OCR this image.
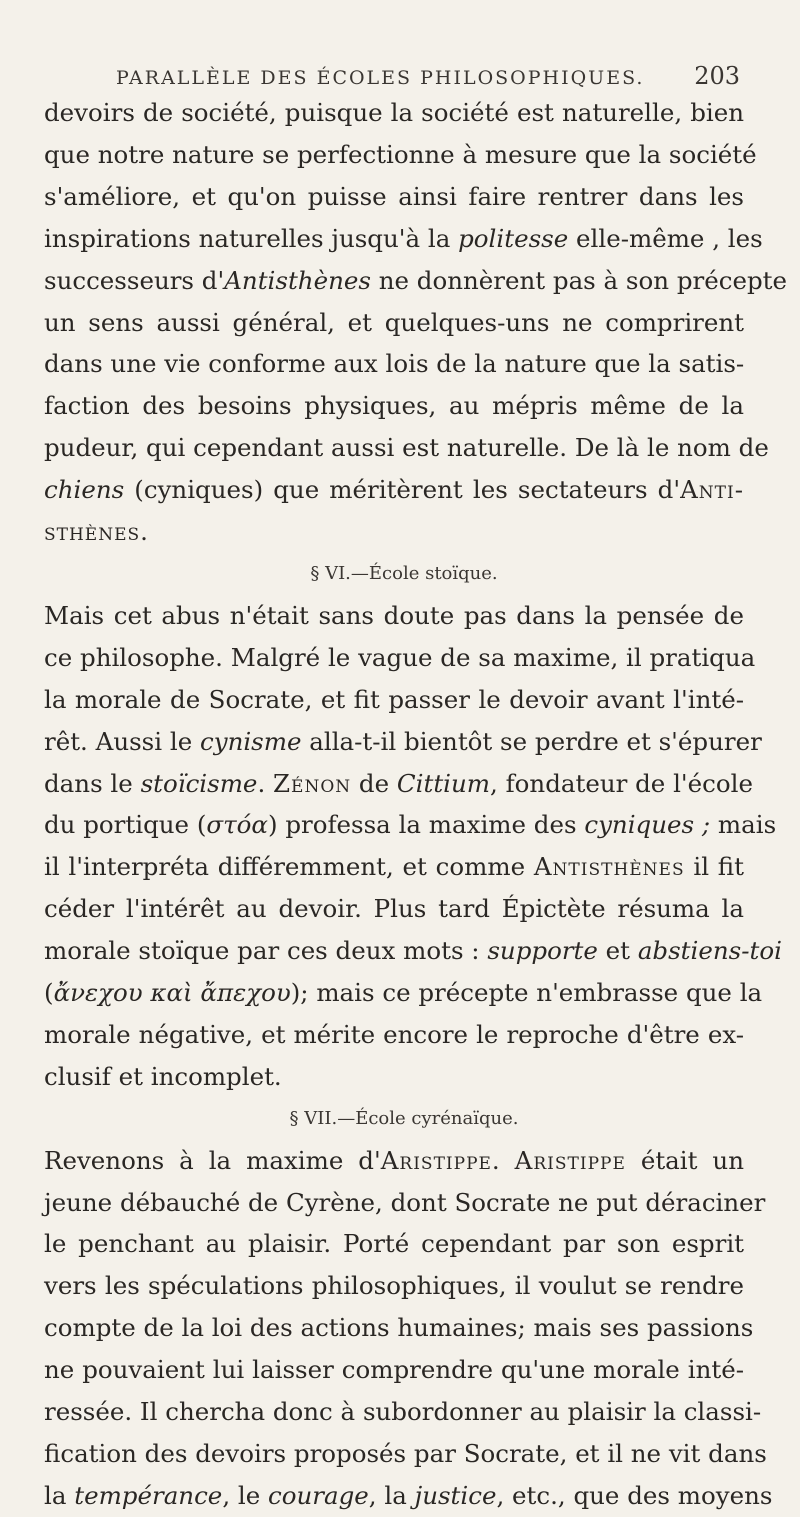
PARALLÈLE DES ÉCOLES PHILOSOPHIQUES. 203
devoirs de société, puisque la société est naturelle, bien
que notre nature se perfectionne à mesure que la société
s'améliore, et qu'on puisse ainsi faire rentrer dans les
inspirations naturelles jusqu'à la politesse elle-même , les
successeurs d'Antisthènes ne donnèrent pas à son précepte
un sens aussi général, et quelques-uns ne comprirent
dans une vie conforme aux lois de la nature que la satis-
faction des besoins physiques, au mépris même de la
pudeur, qui cependant aussi est naturelle. De là le nom de
chiens (cyniques) que méritèrent les sectateurs d'Anti-
sthènes.
§ VI.—École stoïque.
Mais cet abus n'était sans doute pas dans la pensée de
ce philosophe. Malgré le vague de sa maxime, il pratiqua
la morale de Socrate, et fit passer le devoir avant l'inté-
rêt. Aussi le cynisme alla-t-il bientôt se perdre et s'épurer
dans le stoïcisme. Zénon de Cittium, fondateur de l'école
du portique (στόα) professa la maxime des cyniques ; mais
il l'interpréta différemment, et comme Antisthènes il fit
céder l'intérêt au devoir. Plus tard Épictète résuma la
morale stoïque par ces deux mots : supporte et abstiens-toi
(ἄνεχου καὶ ἄπεχου); mais ce précepte n'embrasse que la
morale négative, et mérite encore le reproche d'être ex-
clusif et incomplet.
§ VII.—École cyrénaïque.
Revenons à la maxime d'Aristippe. Aristippe était un
jeune débauché de Cyrène, dont Socrate ne put déraciner
le penchant au plaisir. Porté cependant par son esprit
vers les spéculations philosophiques, il voulut se rendre
compte de la loi des actions humaines; mais ses passions
ne pouvaient lui laisser comprendre qu'une morale inté-
ressée. Il chercha donc à subordonner au plaisir la classi-
fication des devoirs proposés par Socrate, et il ne vit dans
la tempérance, le courage, la justice, etc., que des moyens
